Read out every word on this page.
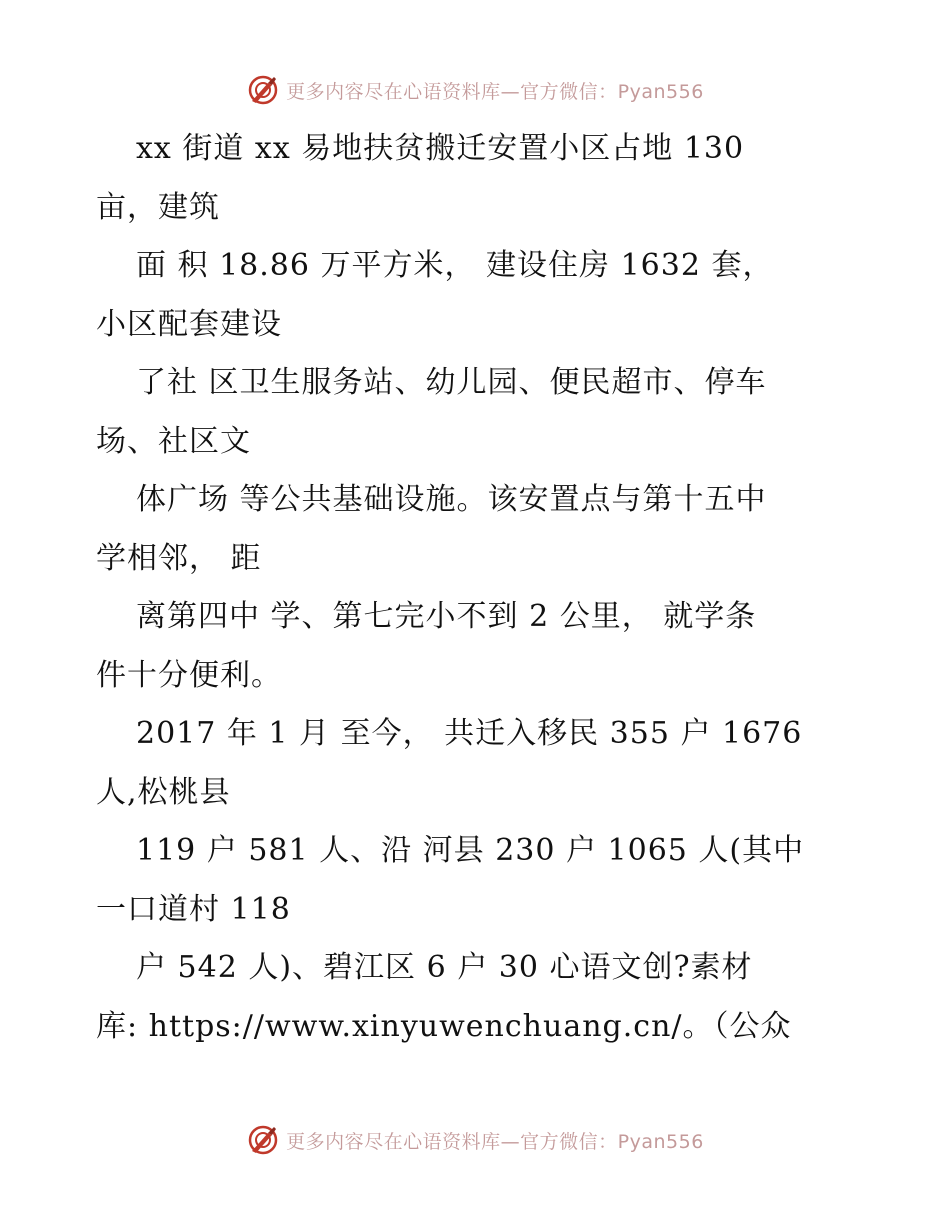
更多内容尽在心语资料库—官方微信：Pyan556
xx 街道 xx 易地扶贫搬迁安置小区占地 130
亩，建筑
面 积 18.86 万平方米， 建设住房 1632 套，
小区配套建设
了社 区卫生服务站、幼儿园、便民超市、停车
场、社区文
体广场 等公共基础设施。该安置点与第十五中
学相邻， 距
离第四中 学、第七完小不到 2 公里， 就学条
件十分便利。
2017 年 1 月 至今， 共迁入移民 355 户 1676
人,松桃县
119 户 581 人、沿 河县 230 户 1065 人(其中
一口道村 118
户 542 人)、碧江区 6 户 30 心语文创?素材
库: https://www.xinyuwenchuang.cn/。（公众
更多内容尽在心语资料库—官方微信：Pyan556
